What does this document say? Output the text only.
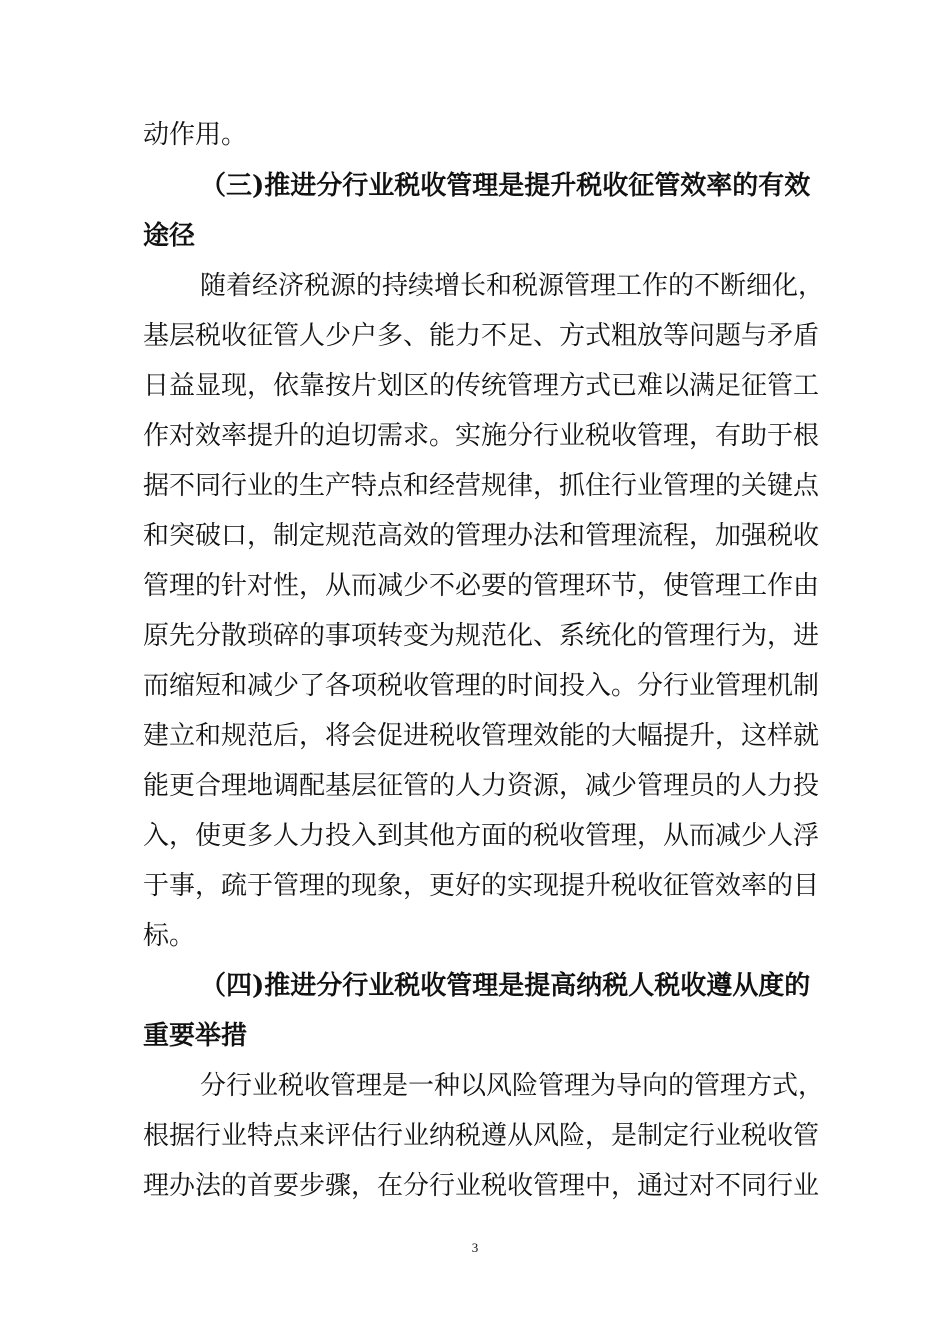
动作用。
（三)推进分行业税收管理是提升税收征管效率的有效
途径
随着经济税源的持续增长和税源管理工作的不断细化，
基层税收征管人少户多、能力不足、方式粗放等问题与矛盾
日益显现，依靠按片划区的传统管理方式已难以满足征管工
作对效率提升的迫切需求。实施分行业税收管理，有助于根
据不同行业的生产特点和经营规律，抓住行业管理的关键点
和突破口，制定规范高效的管理办法和管理流程，加强税收
管理的针对性，从而减少不必要的管理环节，使管理工作由
原先分散琐碎的事项转变为规范化、系统化的管理行为，进
而缩短和减少了各项税收管理的时间投入。分行业管理机制
建立和规范后，将会促进税收管理效能的大幅提升，这样就
能更合理地调配基层征管的人力资源，减少管理员的人力投
入，使更多人力投入到其他方面的税收管理，从而减少人浮
于事，疏于管理的现象，更好的实现提升税收征管效率的目
标。
（四)推进分行业税收管理是提高纳税人税收遵从度的
重要举措
分行业税收管理是一种以风险管理为导向的管理方式，
根据行业特点来评估行业纳税遵从风险，是制定行业税收管
理办法的首要步骤，在分行业税收管理中，通过对不同行业
3
